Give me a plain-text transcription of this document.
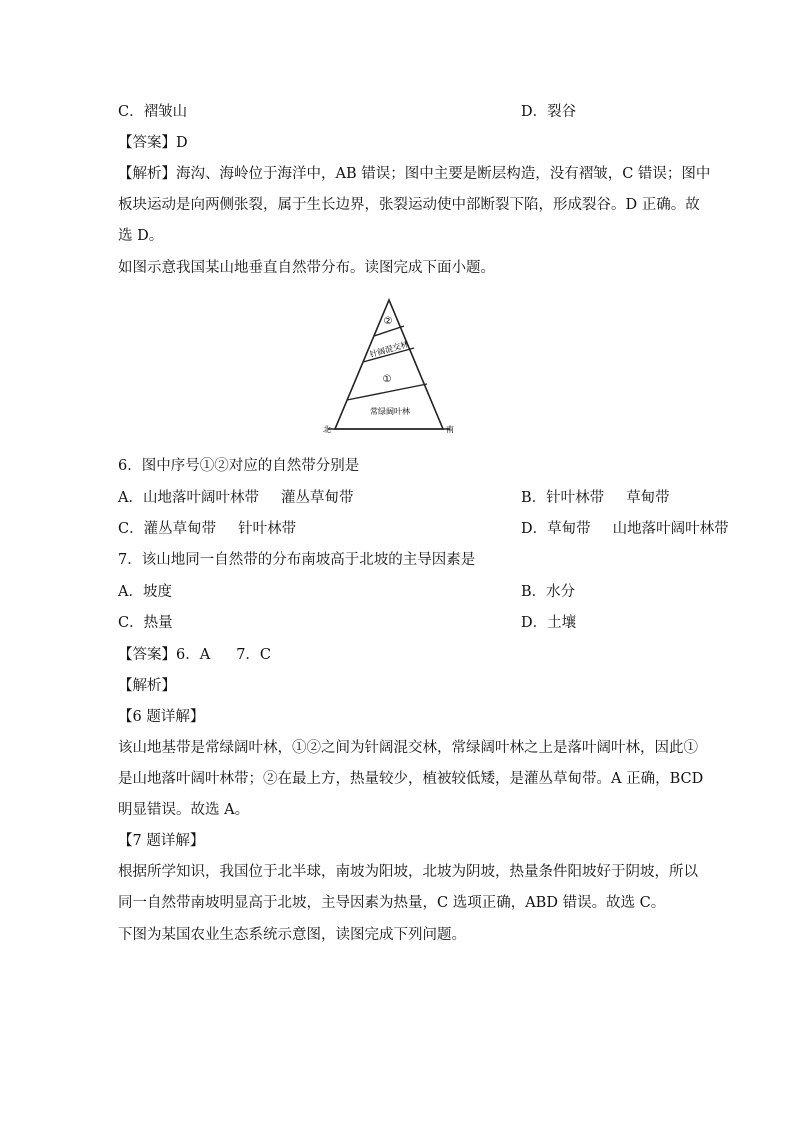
C．褶皱山	D．裂谷
【答案】D
【解析】海沟、海岭位于海洋中，AB 错误；图中主要是断层构造，没有褶皱，C 错误；图中
板块运动是向两侧张裂，属于生长边界，张裂运动使中部断裂下陷，形成裂谷。D 正确。故
选 D。
如图示意我国某山地垂直自然带分布。读图完成下面小题。
②
针阔混交林
①
常绿阔叶林
北	南
6．图中序号①②对应的自然带分别是
A．山地落叶阔叶林带 灌丛草甸带	B．针叶林带 草甸带
C．灌丛草甸带 针叶林带	D．草甸带 山地落叶阔叶林带
7．该山地同一自然带的分布南坡高于北坡的主导因素是
A．坡度	B．水分
C．热量	D．土壤
【答案】6．A 7．C
【解析】
【6 题详解】
该山地基带是常绿阔叶林，①②之间为针阔混交林，常绿阔叶林之上是落叶阔叶林，因此①
是山地落叶阔叶林带；②在最上方，热量较少，植被较低矮，是灌丛草甸带。A 正确，BCD
明显错误。故选 A。
【7 题详解】
根据所学知识，我国位于北半球，南坡为阳坡，北坡为阴坡，热量条件阳坡好于阴坡，所以
同一自然带南坡明显高于北坡，主导因素为热量，C 选项正确，ABD 错误。故选 C。
下图为某国农业生态系统示意图，读图完成下列问题。
